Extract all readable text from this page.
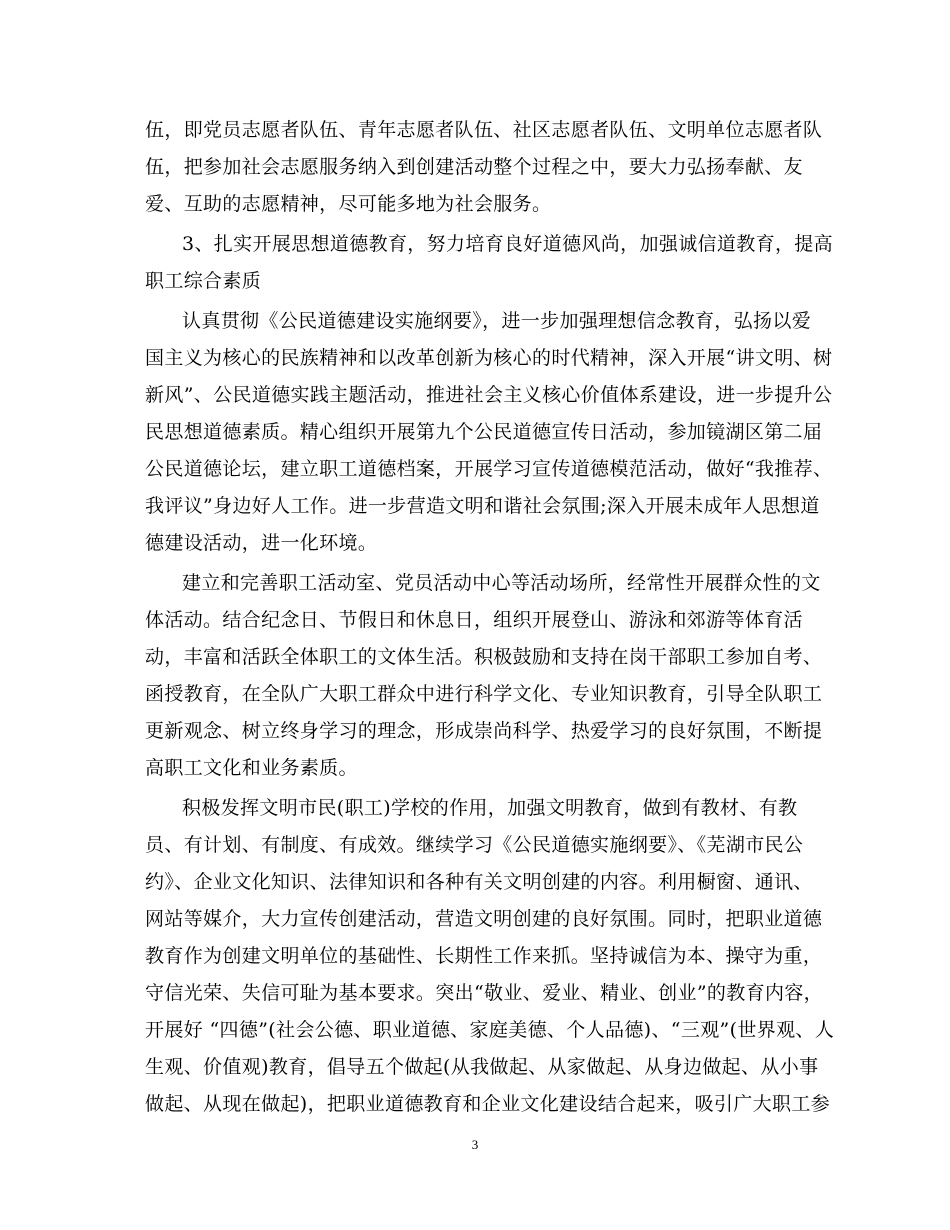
伍，即党员志愿者队伍、青年志愿者队伍、社区志愿者队伍、文明单位志愿者队
伍，把参加社会志愿服务纳入到创建活动整个过程之中，要大力弘扬奉献、友
爱、互助的志愿精神，尽可能多地为社会服务。
3、扎实开展思想道德教育，努力培育良好道德风尚，加强诚信道教育，提高
职工综合素质
认真贯彻《公民道德建设实施纲要》，进一步加强理想信念教育，弘扬以爱
国主义为核心的民族精神和以改革创新为核心的时代精神，深入开展“讲文明、树
新风”、公民道德实践主题活动，推进社会主义核心价值体系建设，进一步提升公
民思想道德素质。精心组织开展第九个公民道德宣传日活动，参加镜湖区第二届
公民道德论坛，建立职工道德档案，开展学习宣传道德模范活动，做好“我推荐、
我评议”身边好人工作。进一步营造文明和谐社会氛围;深入开展未成年人思想道
德建设活动，进一化环境。
建立和完善职工活动室、党员活动中心等活动场所，经常性开展群众性的文
体活动。结合纪念日、节假日和休息日，组织开展登山、游泳和郊游等体育活
动，丰富和活跃全体职工的文体生活。积极鼓励和支持在岗干部职工参加自考、
函授教育，在全队广大职工群众中进行科学文化、专业知识教育，引导全队职工
更新观念、树立终身学习的理念，形成崇尚科学、热爱学习的良好氛围，不断提
高职工文化和业务素质。
积极发挥文明市民(职工)学校的作用，加强文明教育，做到有教材、有教
员、有计划、有制度、有成效。继续学习《公民道德实施纲要》、《芜湖市民公
约》、企业文化知识、法律知识和各种有关文明创建的内容。利用橱窗、通讯、
网站等媒介，大力宣传创建活动，营造文明创建的良好氛围。同时，把职业道德
教育作为创建文明单位的基础性、长期性工作来抓。坚持诚信为本、操守为重，
守信光荣、失信可耻为基本要求。突出“敬业、爱业、精业、创业”的教育内容，
开展好 “四德”(社会公德、职业道德、家庭美德、个人品德)、“三观”(世界观、人
生观、价值观)教育，倡导五个做起(从我做起、从家做起、从身边做起、从小事
做起、从现在做起)，把职业道德教育和企业文化建设结合起来，吸引广大职工参
3
